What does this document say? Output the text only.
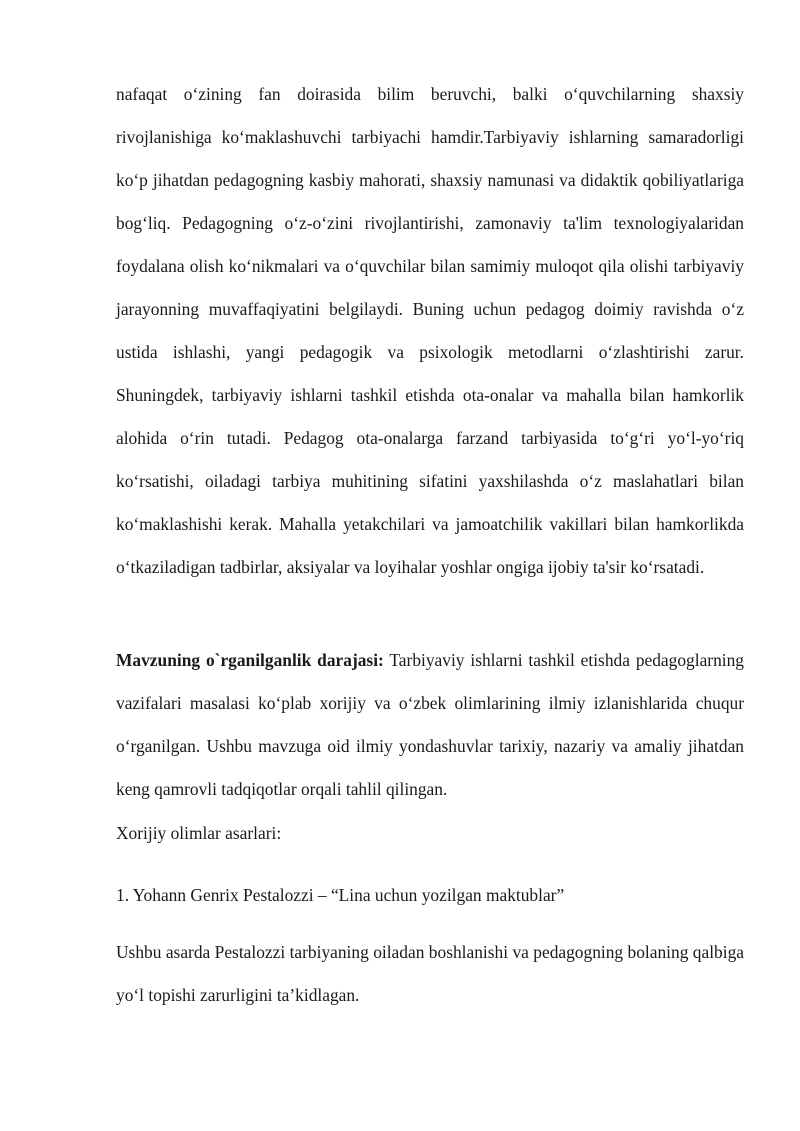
nafaqat o‘zining fan doirasida bilim beruvchi, balki o‘quvchilarning shaxsiy rivojlanishiga ko‘maklashuvchi tarbiyachi hamdir.Tarbiyaviy ishlarning samaradorligi ko‘p jihatdan pedagogning kasbiy mahorati, shaxsiy namunasi va didaktik qobiliyatlariga bog‘liq. Pedagogning o‘z-o‘zini rivojlantirishi, zamonaviy ta'lim texnologiyalaridan foydalana olish ko‘nikmalari va o‘quvchilar bilan samimiy muloqot qila olishi tarbiyaviy jarayonning muvaffaqiyatini belgilaydi. Buning uchun pedagog doimiy ravishda o‘z ustida ishlashi, yangi pedagogik va psixologik metodlarni o‘zlashtirishi zarur. Shuningdek, tarbiyaviy ishlarni tashkil etishda ota-onalar va mahalla bilan hamkorlik alohida o‘rin tutadi. Pedagog ota-onalarga farzand tarbiyasida to‘g‘ri yo‘l-yo‘riq ko‘rsatishi, oiladagi tarbiya muhitining sifatini yaxshilashda o‘z maslahatlari bilan ko‘maklashishi kerak. Mahalla yetakchilari va jamoatchilik vakillari bilan hamkorlikda o‘tkaziladigan tadbirlar, aksiyalar va loyihalar yoshlar ongiga ijobiy ta'sir ko‘rsatadi.

Mavzuning o`rganilganlik darajasi: Tarbiyaviy ishlarni tashkil etishda pedagoglarning vazifalari masalasi ko‘plab xorijiy va o‘zbek olimlarining ilmiy izlanishlarida chuqur o‘rganilgan. Ushbu mavzuga oid ilmiy yondashuvlar tarixiy, nazariy va amaliy jihatdan keng qamrovli tadqiqotlar orqali tahlil qilingan.

Xorijiy olimlar asarlari:

1. Yohann Genrix Pestalozzi – “Lina uchun yozilgan maktublar”

Ushbu asarda Pestalozzi tarbiyaning oiladan boshlanishi va pedagogning bolaning qalbiga yo‘l topishi zarurligini ta’kidlagan.
